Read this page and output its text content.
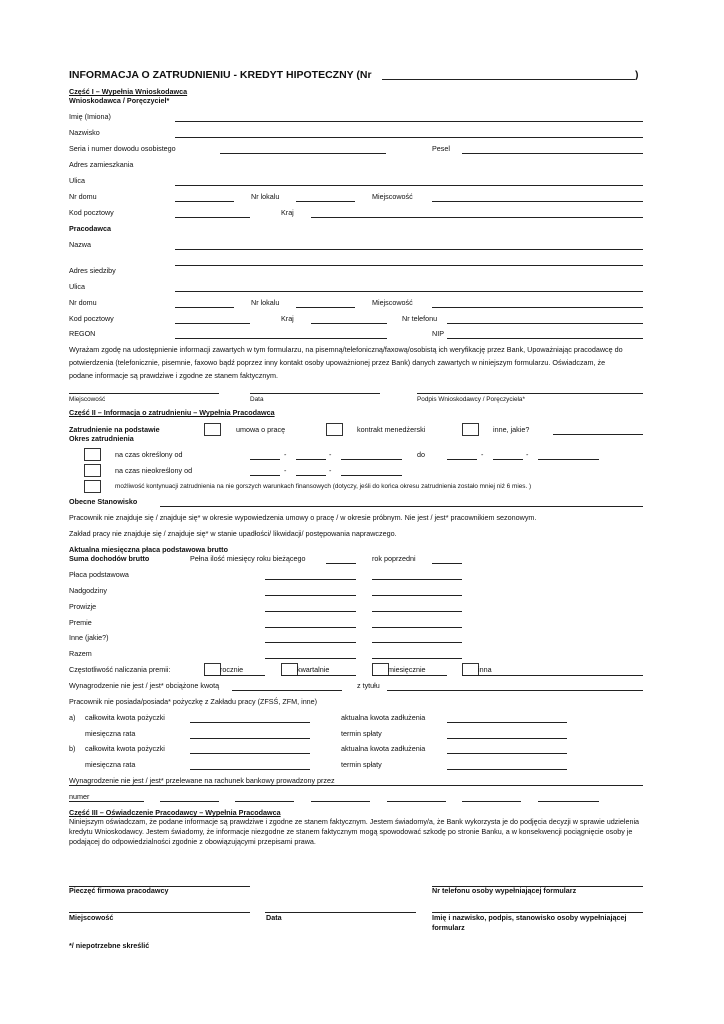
INFORMACJA O ZATRUDNIENIU - KREDYT HIPOTECZNY (Nr	)
Część I – Wypełnia Wnioskodawca
Wnioskodawca / Poręczyciel*
Imię (Imiona)
Nazwisko
Seria i numer dowodu osobistego	Pesel
Adres zamieszkania
Ulica
Nr domu	Nr lokalu	Miejscowość
Kod pocztowy	Kraj
Pracodawca
Nazwa
Adres siedziby
Ulica
Nr domu	Nr lokalu	Miejscowość
Kod pocztowy	Kraj	Nr telefonu
REGON	NIP
Wyrażam zgodę na udostępnienie informacji zawartych w tym formularzu, na pisemną/telefoniczną/faxową/osobistą ich weryfikację przez Bank, Upoważniając pracodawcę do potwierdzenia (telefonicznie, pisemnie, faxowo bądź poprzez inny kontakt osoby upoważnionej przez Bank) danych zawartych w niniejszym formularzu. Oświadczam, że podane informacje są prawdziwe i zgodne ze stanem faktycznym.
Miejscowość	Data	Podpis Wnioskodawcy / Poręczyciela*
Część II – Informacja o zatrudnieniu – Wypełnia Pracodawca
Zatrudnienie na podstawie
Okres zatrudnienia
umowa o pracę	kontrakt menedżerski	inne, jakie?
na czas określony od	-	-	do	-	-
na czas nieokreślony od	-	-
możliwość kontynuacji zatrudnienia na nie gorszych warunkach finansowych (dotyczy, jeśli do końca okresu zatrudnienia zostało mniej niż 6 mies. )
Obecne Stanowisko
Pracownik nie znajduje się / znajduje się* w okresie wypowiedzenia umowy o pracę / w okresie próbnym. Nie jest / jest* pracownikiem sezonowym.
Zakład pracy nie znajduje się / znajduje się* w stanie upadłości/ likwidacji/ postępowania naprawczego.
Aktualna miesięczna płaca podstawowa brutto
Suma dochodów brutto	Pełna ilość miesięcy roku bieżącego	rok poprzedni
Płaca podstawowa
Nadgodziny
Prowizje
Premie
Inne (jakie?)
Razem
Częstotliwość naliczania premii:	rocznie	kwartalnie	miesięcznie	inna
Wynagrodzenie nie jest / jest* obciążone kwotą	z tytułu
Pracownik nie posiada/posiada* pożyczkę z Zakładu pracy (ZFSŚ, ZFM, inne)
a) całkowita kwota pożyczki	aktualna kwota zadłużenia
miesięczna rata	termin spłaty
b) całkowita kwota pożyczki	aktualna kwota zadłużenia
miesięczna rata	termin spłaty
Wynagrodzenie nie jest / jest* przelewane na rachunek bankowy prowadzony przez
numer
Część III – Oświadczenie Pracodawcy – Wypełnia Pracodawca
Niniejszym oświadczam, że podane informacje są prawdziwe i zgodne ze stanem faktycznym. Jestem świadomy/a, że Bank wykorzysta je do podjęcia decyzji w sprawie udzielenia kredytu Wnioskodawcy. Jestem świadomy, że informacje niezgodne ze stanem faktycznym mogą spowodować szkodę po stronie Banku, a w konsekwencji pociągnięcie osoby je podającej do odpowiedzialności zgodnie z obowiązującymi przepisami prawa.
Pieczęć firmowa pracodawcy	Nr telefonu osoby wypełniającej formularz
Miejscowość	Data	Imię i nazwisko, podpis, stanowisko osoby wypełniającej formularz
*/ niepotrzebne skreślić
